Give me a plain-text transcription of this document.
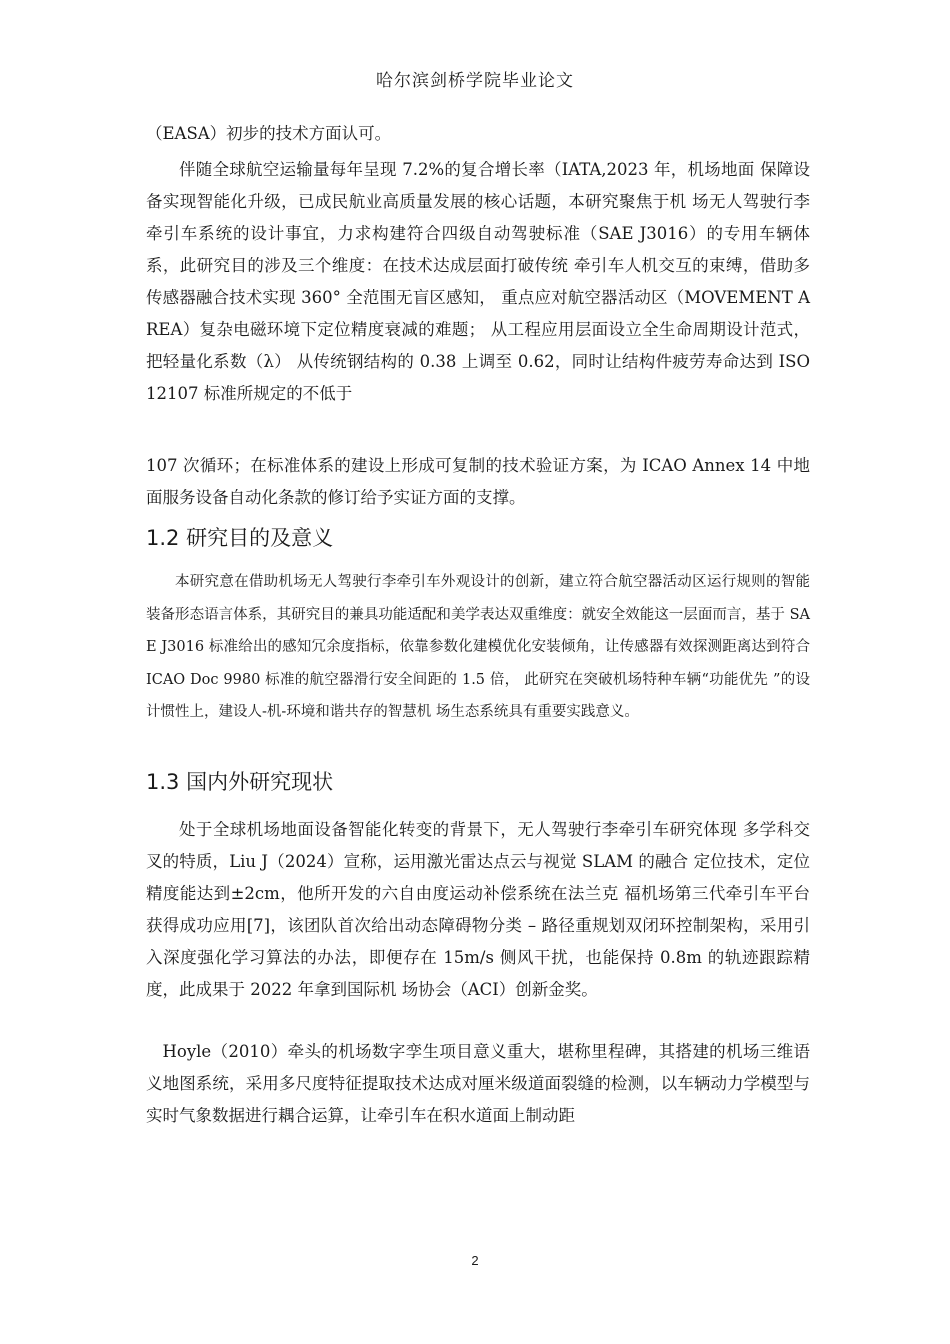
哈尔滨剑桥学院毕业论文

（EASA）初步的技术方面认可。

伴随全球航空运输量每年呈现 7.2%的复合增长率（IATA,2023 年，机场地面 保障设备实现智能化升级，已成民航业高质量发展的核心话题，本研究聚焦于机 场无人驾驶行李牵引车系统的设计事宜，力求构建符合四级自动驾驶标准（SAE J3016）的专用车辆体系，此研究目的涉及三个维度：在技术达成层面打破传统 牵引车人机交互的束缚，借助多传感器融合技术实现 360° 全范围无盲区感知， 重点应对航空器活动区（MOVEMENT AREA）复杂电磁环境下定位精度衰减的难题； 从工程应用层面设立全生命周期设计范式，把轻量化系数（λ） 从传统钢结构的 0.38 上调至 0.62，同时让结构件疲劳寿命达到 ISO 12107 标准所规定的不低于

107 次循环；在标准体系的建设上形成可复制的技术验证方案，为 ICAO Annex 14 中地面服务设备自动化条款的修订给予实证方面的支撑。

1.2 研究目的及意义

本研究意在借助机场无人驾驶行李牵引车外观设计的创新，建立符合航空器活动区运行规则的智能装备形态语言体系，其研究目的兼具功能适配和美学表达双重维度：就安全效能这一层面而言，基于 SAE J3016 标准给出的感知冗余度指标，依靠参数化建模优化安装倾角，让传感器有效探测距离达到符合 ICAO Doc 9980 标准的航空器滑行安全间距的 1.5 倍， 此研究在突破机场特种车辆“功能优先 ”的设计惯性上，建设人-机-环境和谐共存的智慧机 场生态系统具有重要实践意义。

1.3 国内外研究现状

处于全球机场地面设备智能化转变的背景下，无人驾驶行李牵引车研究体现 多学科交叉的特质，Liu J（2024）宣称，运用激光雷达点云与视觉 SLAM 的融合 定位技术，定位精度能达到±2cm，他所开发的六自由度运动补偿系统在法兰克 福机场第三代牵引车平台获得成功应用[7]，该团队首次给出动态障碍物分类 – 路径重规划双闭环控制架构，采用引入深度强化学习算法的办法，即便存在 15m/s 侧风干扰，也能保持 0.8m 的轨迹跟踪精度，此成果于 2022 年拿到国际机 场协会（ACI）创新金奖。

Hoyle（2010）牵头的机场数字孪生项目意义重大，堪称里程碑，其搭建的机场三维语义地图系统，采用多尺度特征提取技术达成对厘米级道面裂缝的检测，以车辆动力学模型与实时气象数据进行耦合运算，让牵引车在积水道面上制动距

2
